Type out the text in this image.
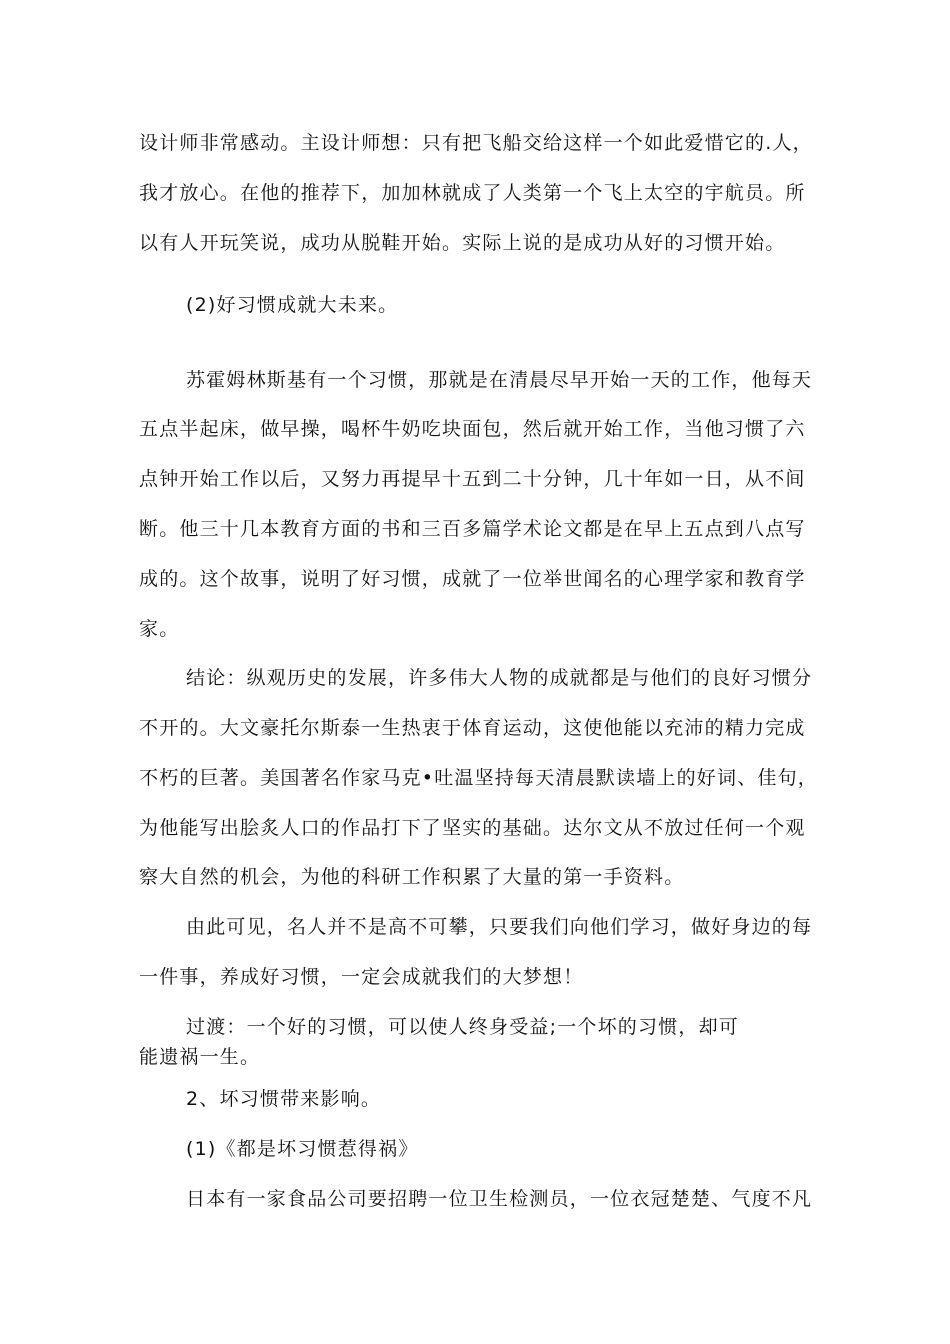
设计师非常感动。主设计师想：只有把飞船交给这样一个如此爱惜它的.人，
我才放心。在他的推荐下，加加林就成了人类第一个飞上太空的宇航员。所
以有人开玩笑说，成功从脱鞋开始。实际上说的是成功从好的习惯开始。
(2)好习惯成就大未来。
苏霍姆林斯基有一个习惯，那就是在清晨尽早开始一天的工作，他每天
五点半起床，做早操，喝杯牛奶吃块面包，然后就开始工作，当他习惯了六
点钟开始工作以后，又努力再提早十五到二十分钟，几十年如一日，从不间
断。他三十几本教育方面的书和三百多篇学术论文都是在早上五点到八点写
成的。这个故事，说明了好习惯，成就了一位举世闻名的心理学家和教育学
家。
结论：纵观历史的发展，许多伟大人物的成就都是与他们的良好习惯分
不开的。大文豪托尔斯泰一生热衷于体育运动，这使他能以充沛的精力完成
不朽的巨著。美国著名作家马克•吐温坚持每天清晨默读墙上的好词、佳句，
为他能写出脍炙人口的作品打下了坚实的基础。达尔文从不放过任何一个观
察大自然的机会，为他的科研工作积累了大量的第一手资料。
由此可见，名人并不是高不可攀，只要我们向他们学习，做好身边的每
一件事，养成好习惯，一定会成就我们的大梦想！
过渡：一个好的习惯，可以使人终身受益;一个坏的习惯，却可
能遗祸一生。
2、坏习惯带来影响。
(1)《都是坏习惯惹得祸》
日本有一家食品公司要招聘一位卫生检测员，一位衣冠楚楚、气度不凡
